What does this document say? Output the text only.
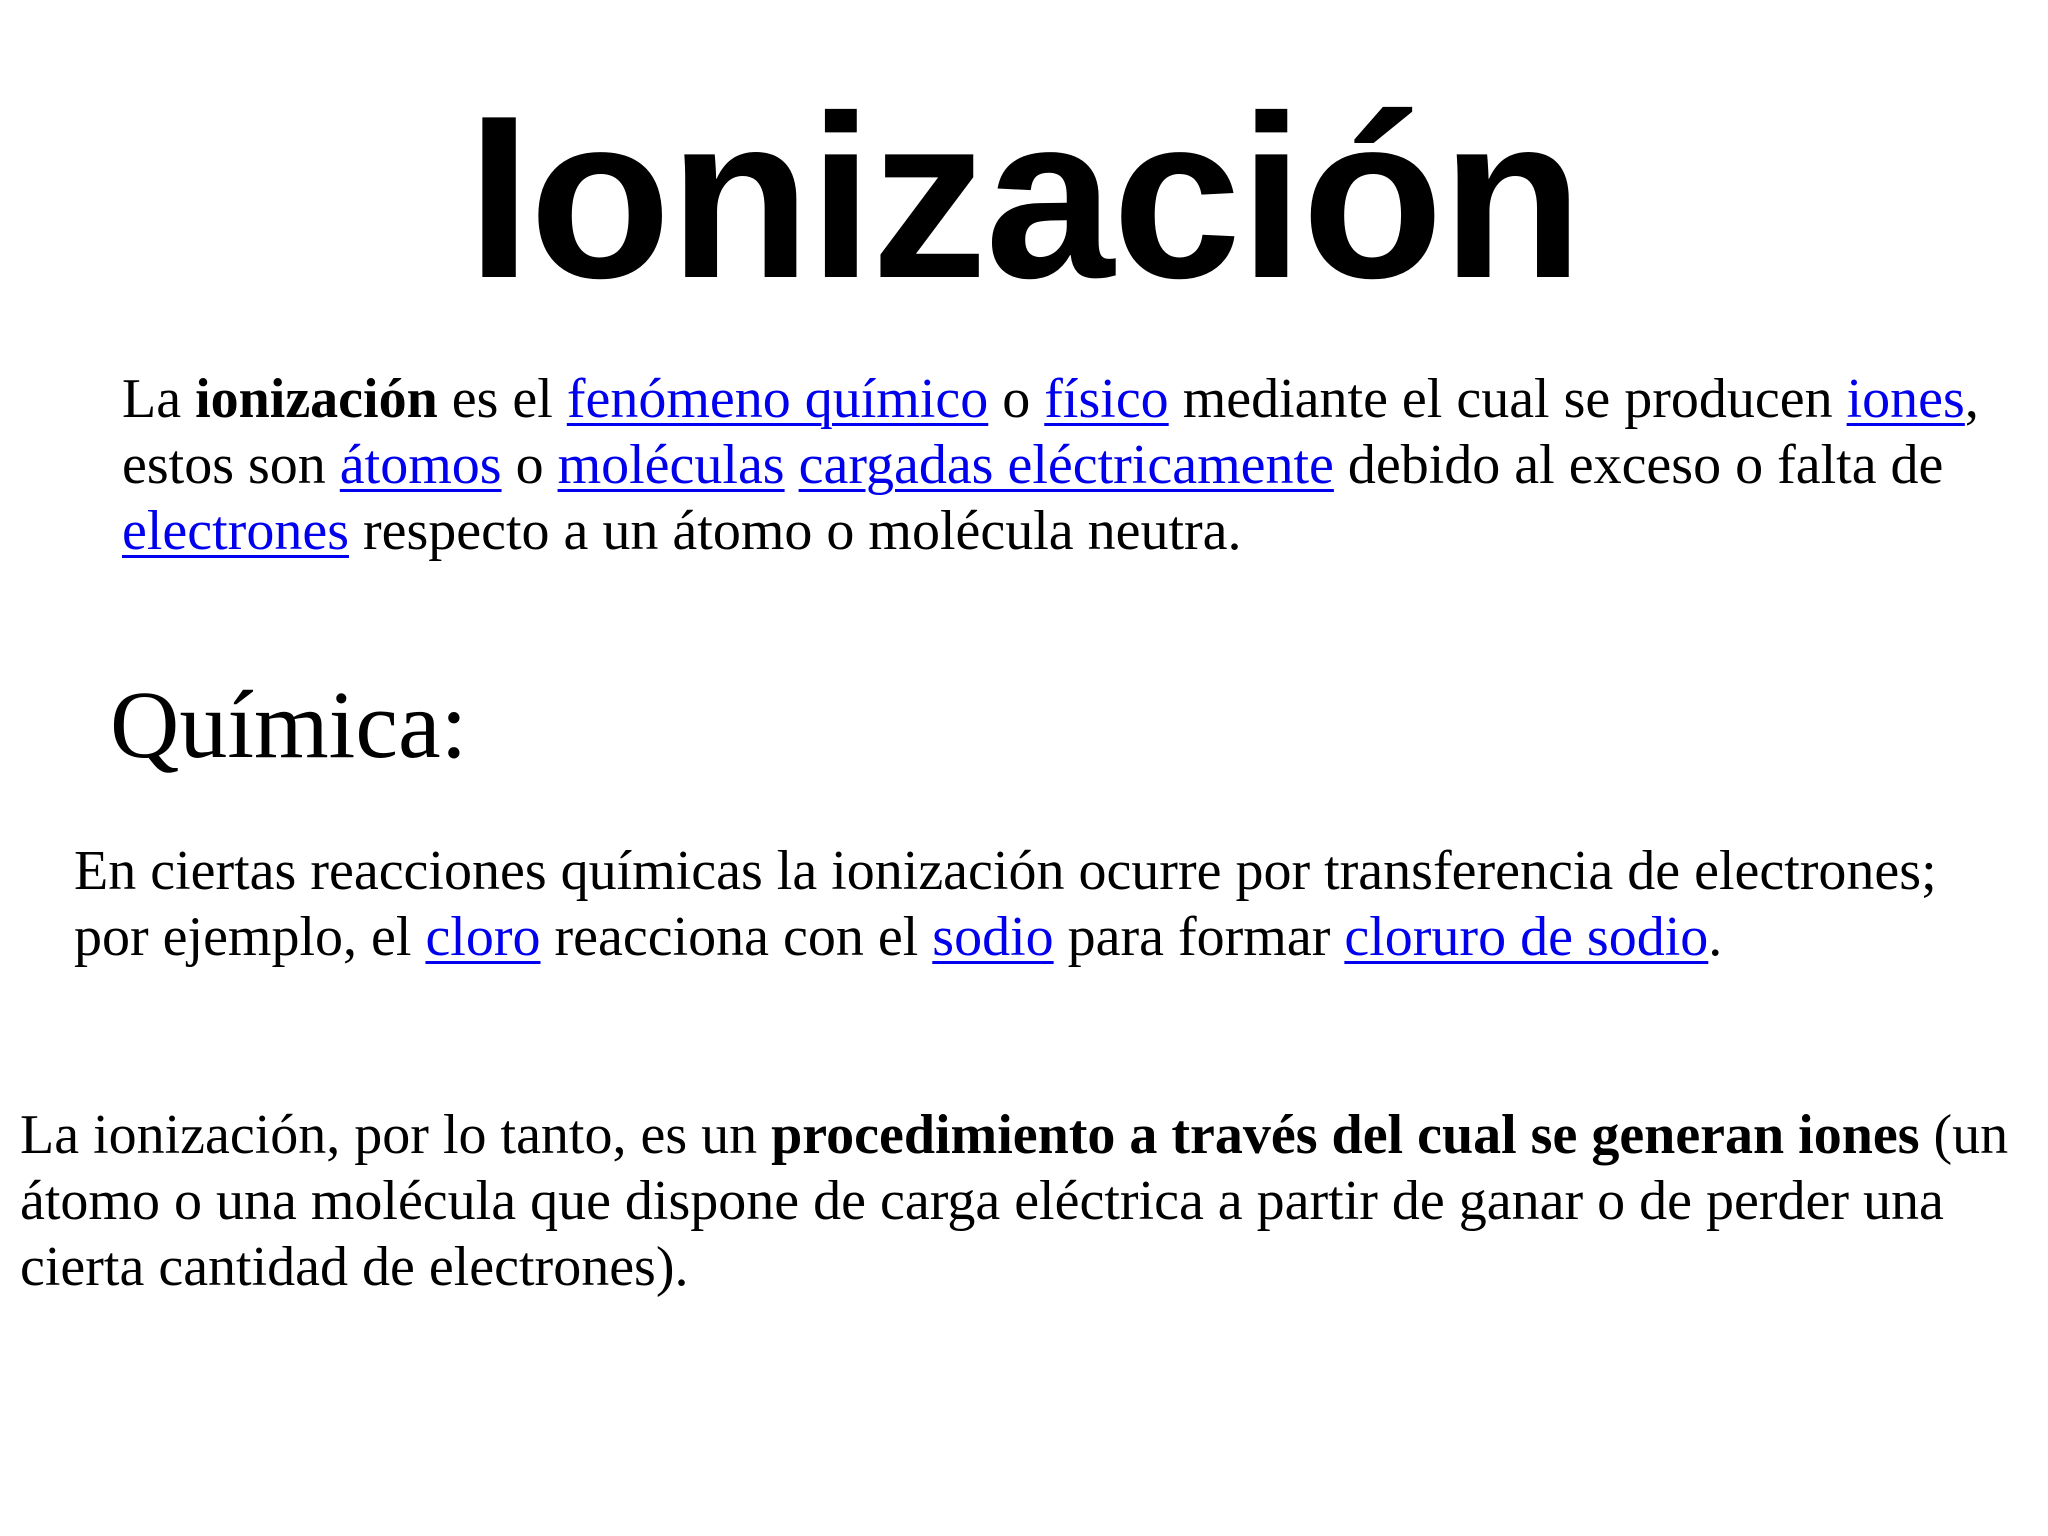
Ionización

La ionización es el fenómeno químico o físico mediante el cual se producen iones, estos son átomos o moléculas cargadas eléctricamente debido al exceso o falta de electrones respecto a un átomo o molécula neutra.

Química:

En ciertas reacciones químicas la ionización ocurre por transferencia de electrones; por ejemplo, el cloro reacciona con el sodio para formar cloruro de sodio.

La ionización, por lo tanto, es un procedimiento a través del cual se generan iones (un átomo o una molécula que dispone de carga eléctrica a partir de ganar o de perder una cierta cantidad de electrones).
